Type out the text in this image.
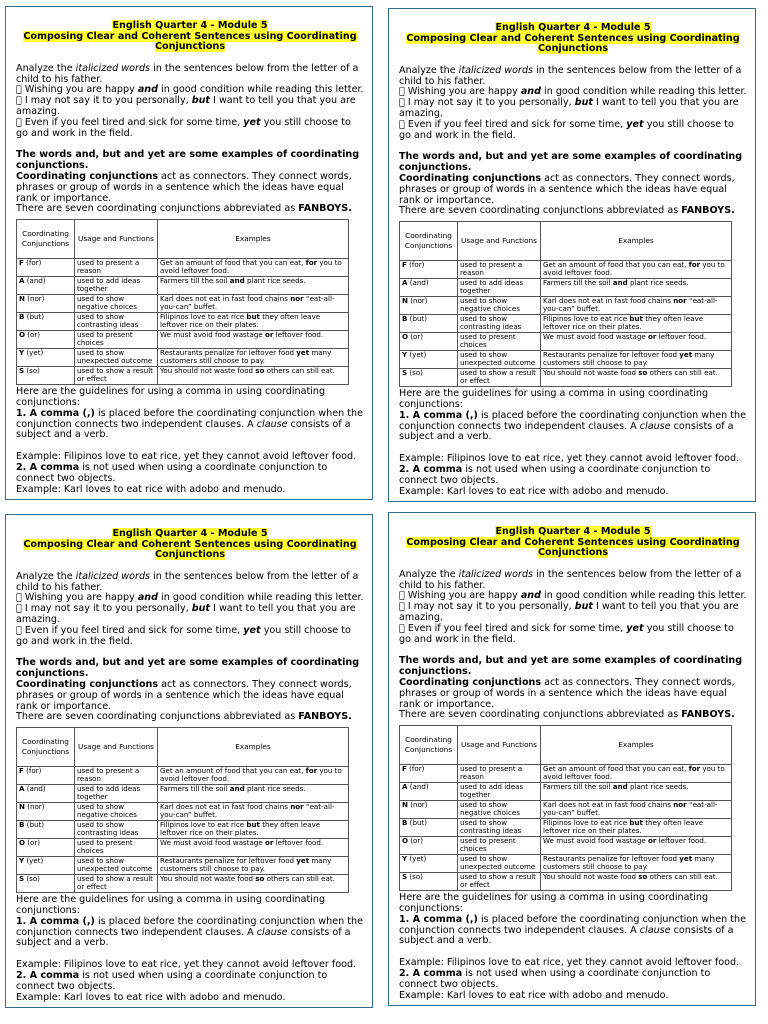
English Quarter 4 - Module 5
Composing Clear and Coherent Sentences using Coordinating
Conjunctions

Analyze the italicized words in the sentences below from the letter of a child to his father.

Wishing you are happy and in good condition while reading this letter.

I may not say it to you personally, but I want to tell you that you are amazing.

Even if you feel tired and sick for some time, yet you still choose to go and work in the field.

The words and, but and yet are some examples of coordinating conjunctions.

Coordinating conjunctions act as connectors. They connect words, phrases or group of words in a sentence which the ideas have equal rank or importance.

There are seven coordinating conjunctions abbreviated as FANBOYS.

Coordinating Conjunctions	Usage and Functions	Examples
F (for)	used to present a reason	Get an amount of food that you can eat, for you to avoid leftover food.
A (and)	used to add ideas together	Farmers till the soil and plant rice seeds.
N (nor)	used to show negative choices	Karl does not eat in fast food chains nor “eat-all-you-can” buffet.
B (but)	used to show contrasting ideas	Filipinos love to eat rice but they often leave leftover rice on their plates.
O (or)	used to present choices	We must avoid food wastage or leftover food.
Y (yet)	used to show unexpected outcome	Restaurants penalize for leftover food yet many customers still choose to pay.
S (so)	used to show a result or effect	You should not waste food so others can still eat.

Here are the guidelines for using a comma in using coordinating conjunctions:

1. A comma (,) is placed before the coordinating conjunction when the conjunction connects two independent clauses. A clause consists of a subject and a verb.

Example: Filipinos love to eat rice, yet they cannot avoid leftover food.

2. A comma is not used when using a coordinate conjunction to connect two objects.

Example: Karl loves to eat rice with adobo and menudo.

English Quarter 4 - Module 5
Composing Clear and Coherent Sentences using Coordinating
Conjunctions

Analyze the italicized words in the sentences below from the letter of a child to his father.

Wishing you are happy and in good condition while reading this letter.

I may not say it to you personally, but I want to tell you that you are amazing.

Even if you feel tired and sick for some time, yet you still choose to go and work in the field.

The words and, but and yet are some examples of coordinating conjunctions.

Coordinating conjunctions act as connectors. They connect words, phrases or group of words in a sentence which the ideas have equal rank or importance.

There are seven coordinating conjunctions abbreviated as FANBOYS.

Coordinating Conjunctions	Usage and Functions	Examples
F (for)	used to present a reason	Get an amount of food that you can eat, for you to avoid leftover food.
A (and)	used to add ideas together	Farmers till the soil and plant rice seeds.
N (nor)	used to show negative choices	Karl does not eat in fast food chains nor “eat-all-you-can” buffet.
B (but)	used to show contrasting ideas	Filipinos love to eat rice but they often leave leftover rice on their plates.
O (or)	used to present choices	We must avoid food wastage or leftover food.
Y (yet)	used to show unexpected outcome	Restaurants penalize for leftover food yet many customers still choose to pay.
S (so)	used to show a result or effect	You should not waste food so others can still eat.

Here are the guidelines for using a comma in using coordinating conjunctions:

1. A comma (,) is placed before the coordinating conjunction when the conjunction connects two independent clauses. A clause consists of a subject and a verb.

Example: Filipinos love to eat rice, yet they cannot avoid leftover food.

2. A comma is not used when using a coordinate conjunction to connect two objects.

Example: Karl loves to eat rice with adobo and menudo.

English Quarter 4 - Module 5
Composing Clear and Coherent Sentences using Coordinating
Conjunctions

Analyze the italicized words in the sentences below from the letter of a child to his father.

Wishing you are happy and in good condition while reading this letter.

I may not say it to you personally, but I want to tell you that you are amazing.

Even if you feel tired and sick for some time, yet you still choose to go and work in the field.

The words and, but and yet are some examples of coordinating conjunctions.

Coordinating conjunctions act as connectors. They connect words, phrases or group of words in a sentence which the ideas have equal rank or importance.

There are seven coordinating conjunctions abbreviated as FANBOYS.

Coordinating Conjunctions	Usage and Functions	Examples
F (for)	used to present a reason	Get an amount of food that you can eat, for you to avoid leftover food.
A (and)	used to add ideas together	Farmers till the soil and plant rice seeds.
N (nor)	used to show negative choices	Karl does not eat in fast food chains nor “eat-all-you-can” buffet.
B (but)	used to show contrasting ideas	Filipinos love to eat rice but they often leave leftover rice on their plates.
O (or)	used to present choices	We must avoid food wastage or leftover food.
Y (yet)	used to show unexpected outcome	Restaurants penalize for leftover food yet many customers still choose to pay.
S (so)	used to show a result or effect	You should not waste food so others can still eat.

Here are the guidelines for using a comma in using coordinating conjunctions:

1. A comma (,) is placed before the coordinating conjunction when the conjunction connects two independent clauses. A clause consists of a subject and a verb.

Example: Filipinos love to eat rice, yet they cannot avoid leftover food.

2. A comma is not used when using a coordinate conjunction to connect two objects.

Example: Karl loves to eat rice with adobo and menudo.

English Quarter 4 - Module 5
Composing Clear and Coherent Sentences using Coordinating
Conjunctions

Analyze the italicized words in the sentences below from the letter of a child to his father.

Wishing you are happy and in good condition while reading this letter.

I may not say it to you personally, but I want to tell you that you are amazing.

Even if you feel tired and sick for some time, yet you still choose to go and work in the field.

The words and, but and yet are some examples of coordinating conjunctions.

Coordinating conjunctions act as connectors. They connect words, phrases or group of words in a sentence which the ideas have equal rank or importance.

There are seven coordinating conjunctions abbreviated as FANBOYS.

Coordinating Conjunctions	Usage and Functions	Examples
F (for)	used to present a reason	Get an amount of food that you can eat, for you to avoid leftover food.
A (and)	used to add ideas together	Farmers till the soil and plant rice seeds.
N (nor)	used to show negative choices	Karl does not eat in fast food chains nor “eat-all-you-can” buffet.
B (but)	used to show contrasting ideas	Filipinos love to eat rice but they often leave leftover rice on their plates.
O (or)	used to present choices	We must avoid food wastage or leftover food.
Y (yet)	used to show unexpected outcome	Restaurants penalize for leftover food yet many customers still choose to pay.
S (so)	used to show a result or effect	You should not waste food so others can still eat.

Here are the guidelines for using a comma in using coordinating conjunctions:

1. A comma (,) is placed before the coordinating conjunction when the conjunction connects two independent clauses. A clause consists of a subject and a verb.

Example: Filipinos love to eat rice, yet they cannot avoid leftover food.

2. A comma is not used when using a coordinate conjunction to connect two objects.

Example: Karl loves to eat rice with adobo and menudo.
